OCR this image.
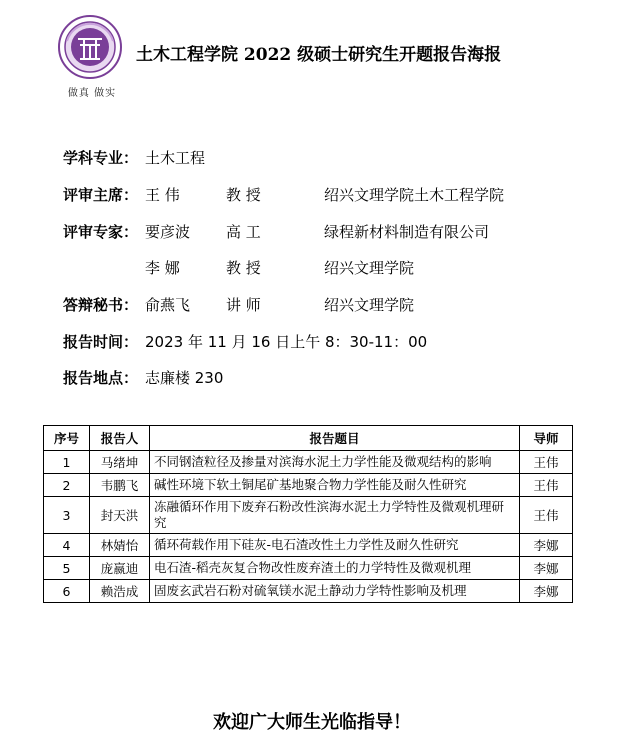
做真 做实
土木工程学院 2022 级硕士研究生开题报告海报
学科专业： 土木工程
评审主席： 王 伟	教 授	绍兴文理学院土木工程学院
评审专家： 要彦波 高 工	绿程新材料制造有限公司
李 娜	教 授	绍兴文理学院
答辩秘书： 俞燕飞 讲 师	绍兴文理学院
报告时间： 2023 年 11 月 16 日上午 8：30-11：00
报告地点： 志廉楼 230
序号	报告人	报告题目	导师
1	马绪坤	不同钢渣粒径及掺量对滨海水泥土力学性能及微观结构的影响	王伟
2	韦鹏飞	碱性环境下软土铜尾矿基地聚合物力学性能及耐久性研究	王伟
3	封天洪	冻融循环作用下废弃石粉改性滨海水泥土力学特性及微观机理研究	王伟
4	林婧怡	循环荷载作用下硅灰-电石渣改性土力学性及耐久性研究	李娜
5	庞嬴迪	电石渣-稻壳灰复合物改性废弃渣土的力学特性及微观机理	李娜
6	赖浩成	固废玄武岩石粉对硫氧镁水泥土静动力学特性影响及机理	李娜
欢迎广大师生光临指导！
